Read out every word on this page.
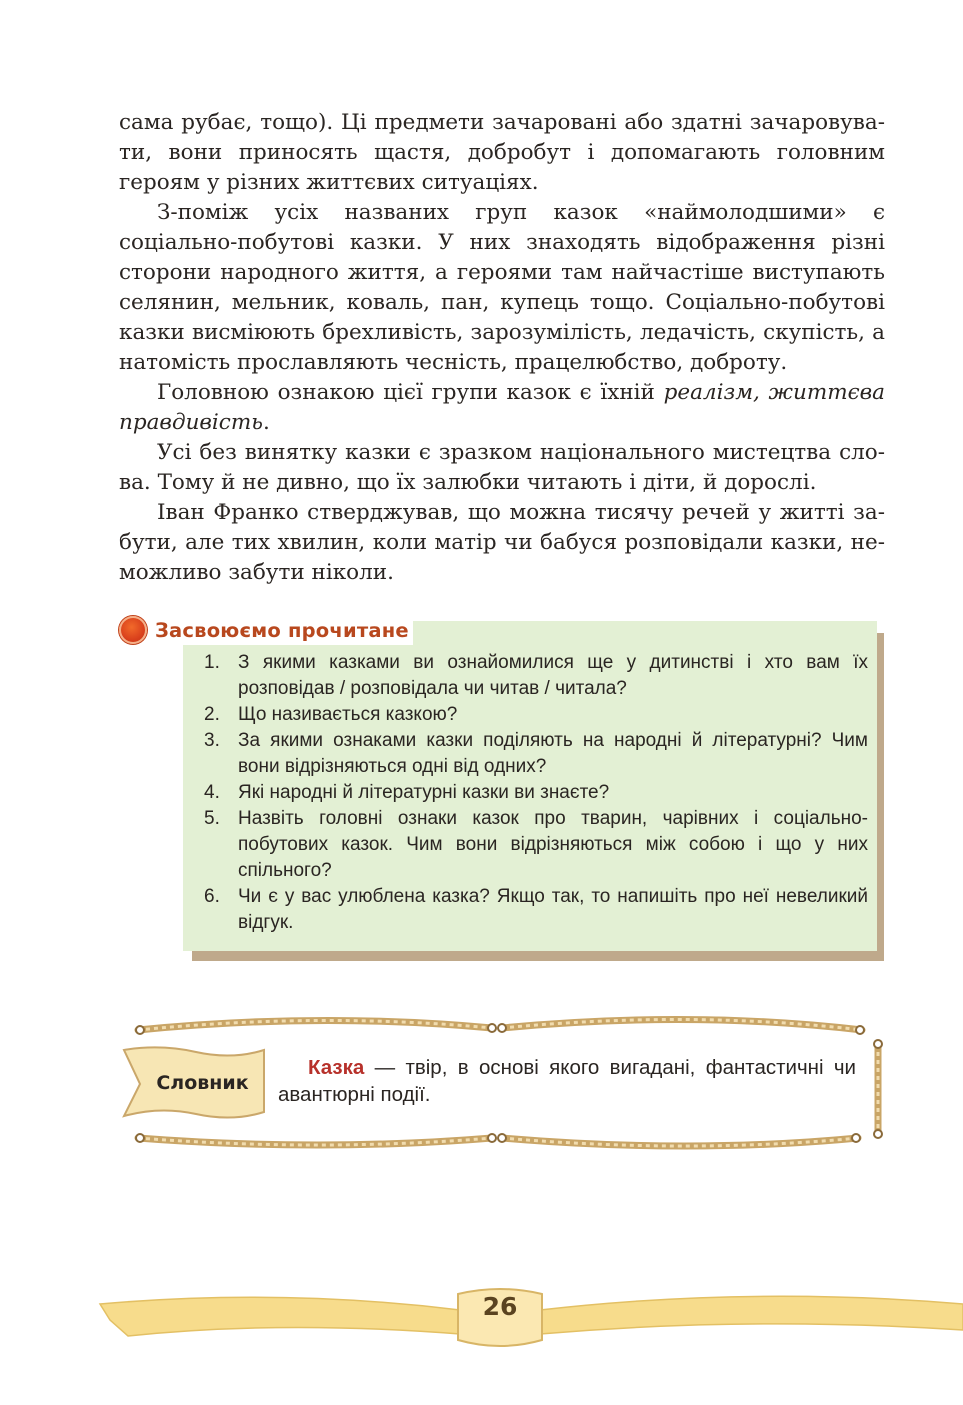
сама рубає, тощо). Ці предмети зачаровані або здатні зачаровувати, вони приносять щастя, добробут і допомагають головним героям у різних життєвих ситуаціях.

З-поміж усіх названих груп казок «наймолодшими» є соціально-побутові казки. У них знаходять відображення різні сторони народного життя, а героями там найчастіше виступають селянин, мельник, коваль, пан, купець тощо. Соціально-побутові казки висміюють брехливість, зарозумілість, ледачість, скупість, а натомість прославляють чесність, працелюбство, доброту.

Головною ознакою цієї групи казок є їхній реалізм, життєва правдивість.

Усі без винятку казки є зразком національного мистецтва слова. Тому й не дивно, що їх залюбки читають і діти, й дорослі.

Іван Франко стверджував, що можна тисячу речей у житті забути, але тих хвилин, коли матір чи бабуся розповідали казки, неможливо забути ніколи.

Засвоюємо прочитане
1. З якими казками ви ознайомилися ще у дитинстві і хто вам їх розповідав / розповідала чи читав / читала?
2. Що називається казкою?
3. За якими ознаками казки поділяють на народні й літературні? Чим вони відрізняються одні від одних?
4. Які народні й літературні казки ви знаєте?
5. Назвіть головні ознаки казок про тварин, чарівних і соціально-побутових казок. Чим вони відрізняються між собою і що у них спільного?
6. Чи є у вас улюблена казка? Якщо так, то напишіть про неї невеликий відгук.
Словник
Казка — твір, в основі якого вигадані, фантастичні чи авантюрні події.
26
